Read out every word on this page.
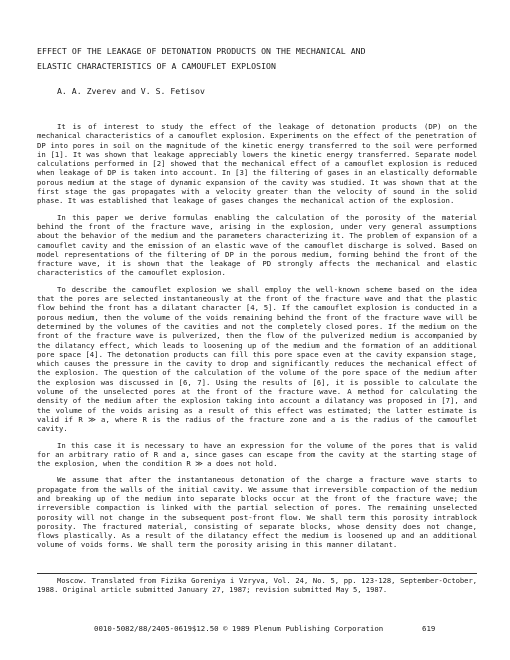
EFFECT OF THE LEAKAGE OF DETONATION PRODUCTS ON THE MECHANICAL AND
ELASTIC CHARACTERISTICS OF A CAMOUFLET EXPLOSION
A. A. Zverev and V. S. Fetisov

It is of interest to study the effect of the leakage of detonation products (DP) on the mechanical characteristics of a camouflet explosion. Experiments on the effect of the penetration of DP into pores in soil on the magnitude of the kinetic energy transferred to the soil were performed in [1]. It was shown that leakage appreciably lowers the kinetic energy transferred. Separate model calculations performed in [2] showed that the mechanical effect of a camouflet explosion is reduced when leakage of DP is taken into account. In [3] the filtering of gases in an elastically deformable porous medium at the stage of dynamic expansion of the cavity was studied. It was shown that at the first stage the gas propagates with a velocity greater than the velocity of sound in the solid phase. It was established that leakage of gases changes the mechanical action of the explosion.

In this paper we derive formulas enabling the calculation of the porosity of the material behind the front of the fracture wave, arising in the explosion, under very general assumptions about the behavior of the medium and the parameters characterizing it. The problem of expansion of a camouflet cavity and the emission of an elastic wave of the camouflet discharge is solved. Based on model representations of the filtering of DP in the porous medium, forming behind the front of the fracture wave, it is shown that the leakage of PD strongly affects the mechanical and elastic characteristics of the camouflet explosion.

To describe the camouflet explosion we shall employ the well-known scheme based on the idea that the pores are selected instantaneously at the front of the fracture wave and that the plastic flow behind the front has a dilatant character [4, 5]. If the camouflet explosion is conducted in a porous medium, then the volume of the voids remaining behind the front of the fracture wave will be determined by the volumes of the cavities and not the completely closed pores. If the medium on the front of the fracture wave is pulverized, then the flow of the pulverized medium is accompanied by the dilatancy effect, which leads to loosening up of the medium and the formation of an additional pore space [4]. The detonation products can fill this pore space even at the cavity expansion stage, which causes the pressure in the cavity to drop and significantly reduces the mechanical effect of the explosion. The question of the calculation of the volume of the pore space of the medium after the explosion was discussed in [6, 7]. Using the results of [6], it is possible to calculate the volume of the unselected pores at the front of the fracture wave. A method for calculating the density of the medium after the explosion taking into account a dilatancy was proposed in [7], and the volume of the voids arising as a result of this effect was estimated; the latter estimate is valid if R ≫ a, where R is the radius of the fracture zone and a is the radius of the camouflet cavity.

In this case it is necessary to have an expression for the volume of the pores that is valid for an arbitrary ratio of R and a, since gases can escape from the cavity at the starting stage of the explosion, when the condition R ≫ a does not hold.

We assume that after the instantaneous detonation of the charge a fracture wave starts to propagate from the walls of the initial cavity. We assume that irreversible compaction of the medium and breaking up of the medium into separate blocks occur at the front of the fracture wave; the irreversible compaction is linked with the partial selection of pores. The remaining unselected porosity will not change in the subsequent post-front flow. We shall term this porosity intrablock porosity. The fractured material, consisting of separate blocks, whose density does not change, flows plastically. As a result of the dilatancy effect the medium is loosened up and an additional volume of voids forms. We shall term the porosity arising in this manner dilatant.

Moscow. Translated from Fizika Goreniya i Vzryva, Vol. 24, No. 5, pp. 123-128, September-October, 1988. Original article submitted January 27, 1987; revision submitted May 5, 1987.
0010-5082/88/2405-0619$12.50 © 1989 Plenum Publishing Corporation	619
